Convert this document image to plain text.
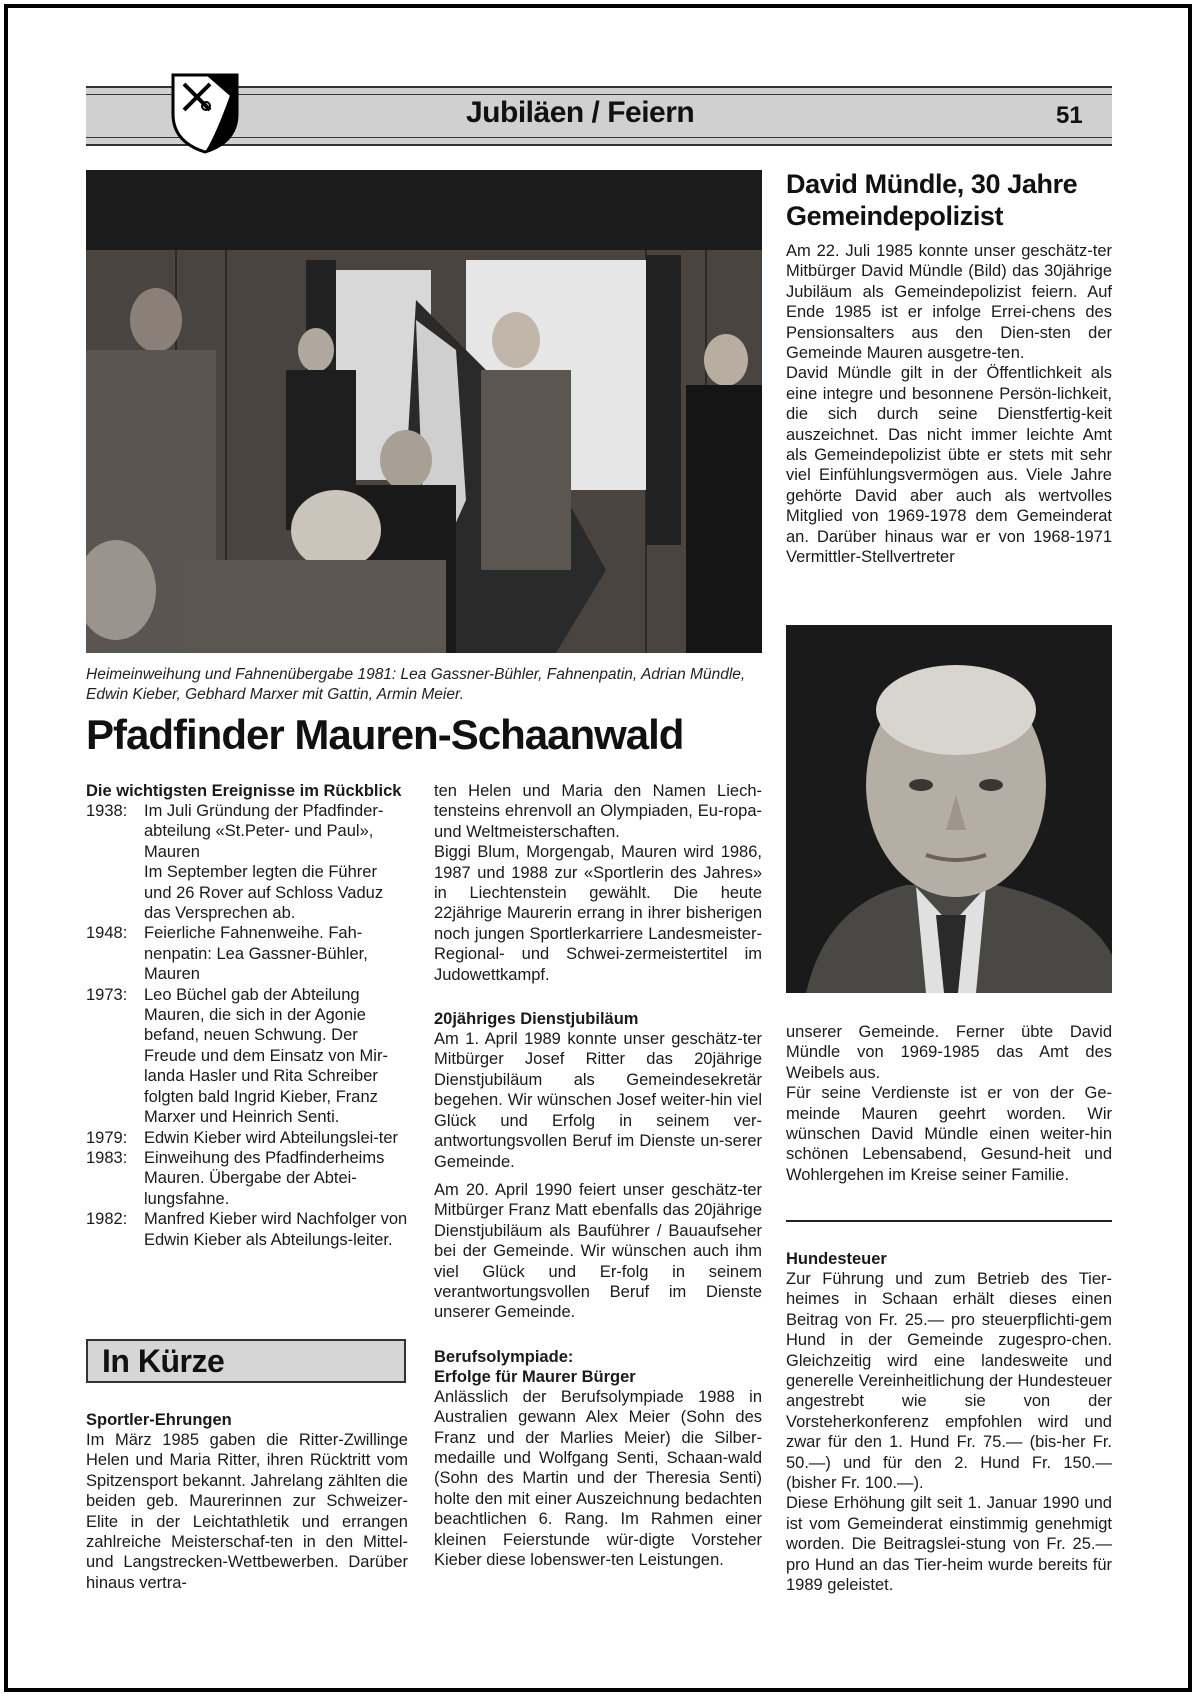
Jubiläen / Feiern	51
Heimeinweihung und Fahnenübergabe 1981: Lea Gassner-Bühler, Fahnenpatin, Adrian Mündle, Edwin Kieber, Gebhard Marxer mit Gattin, Armin Meier.
Pfadfinder Mauren-Schaanwald
Die wichtigsten Ereignisse im Rückblick
1938:	Im Juli Gründung der Pfadfinder-abteilung «St.Peter- und Paul», Mauren
Im September legten die Führer und 26 Rover auf Schloss Vaduz das Versprechen ab.
1948:	Feierliche Fahnenweihe. Fah-nenpatin: Lea Gassner-Bühler, Mauren
1973:	Leo Büchel gab der Abteilung Mauren, die sich in der Agonie befand, neuen Schwung. Der Freude und dem Einsatz von Mir-landa Hasler und Rita Schreiber folgten bald Ingrid Kieber, Franz Marxer und Heinrich Senti.
1979:	Edwin Kieber wird Abteilungslei-ter
1983:	Einweihung des Pfadfinderheims Mauren. Übergabe der Abtei-lungsfahne.
1982:	Manfred Kieber wird Nachfolger von Edwin Kieber als Abteilungs-leiter.
In Kürze
Sportler-Ehrungen

Im März 1985 gaben die Ritter-Zwillinge Helen und Maria Ritter, ihren Rücktritt vom Spitzensport bekannt. Jahrelang zählten die beiden geb. Maurerinnen zur Schweizer-Elite in der Leichtathletik und errangen zahlreiche Meisterschaf-ten in den Mittel- und Langstrecken-Wettbewerben. Darüber hinaus vertra-

ten Helen und Maria den Namen Liech-tensteins ehrenvoll an Olympiaden, Eu-ropa- und Weltmeisterschaften.

Biggi Blum, Morgengab, Mauren wird 1986, 1987 und 1988 zur «Sportlerin des Jahres» in Liechtenstein gewählt. Die heute 22jährige Maurerin errang in ihrer bisherigen noch jungen Sportlerkarriere Landesmeister-Regional- und Schwei-zermeistertitel im Judowettkampf.

20jähriges Dienstjubiläum

Am 1. April 1989 konnte unser geschätz-ter Mitbürger Josef Ritter das 20jährige Dienstjubiläum als Gemeindesekretär begehen. Wir wünschen Josef weiter-hin viel Glück und Erfolg in seinem ver-antwortungsvollen Beruf im Dienste un-serer Gemeinde.

Am 20. April 1990 feiert unser geschätz-ter Mitbürger Franz Matt ebenfalls das 20jährige Dienstjubiläum als Bauführer / Bauaufseher bei der Gemeinde. Wir wünschen auch ihm viel Glück und Er-folg in seinem verantwortungsvollen Beruf im Dienste unserer Gemeinde.

Berufsolympiade:
Erfolge für Maurer Bürger

Anlässlich der Berufsolympiade 1988 in Australien gewann Alex Meier (Sohn des Franz und der Marlies Meier) die Silber-medaille und Wolfgang Senti, Schaan-wald (Sohn des Martin und der Theresia Senti) holte den mit einer Auszeichnung bedachten beachtlichen 6. Rang. Im Rahmen einer kleinen Feierstunde wür-digte Vorsteher Kieber diese lobenswer-ten Leistungen.

David Mündle, 30 Jahre Gemeindepolizist

Am 22. Juli 1985 konnte unser geschätz-ter Mitbürger David Mündle (Bild) das 30jährige Jubiläum als Gemeindepolizist feiern. Auf Ende 1985 ist er infolge Errei-chens des Pensionsalters aus den Dien-sten der Gemeinde Mauren ausgetre-ten.

David Mündle gilt in der Öffentlichkeit als eine integre und besonnene Persön-lichkeit, die sich durch seine Dienstfertig-keit auszeichnet. Das nicht immer leichte Amt als Gemeindepolizist übte er stets mit sehr viel Einfühlungsvermögen aus. Viele Jahre gehörte David aber auch als wertvolles Mitglied von 1969-1978 dem Gemeinderat an. Darüber hinaus war er von 1968-1971 Vermittler-Stellvertreter

unserer Gemeinde. Ferner übte David Mündle von 1969-1985 das Amt des Weibels aus.

Für seine Verdienste ist er von der Ge-meinde Mauren geehrt worden. Wir wünschen David Mündle einen weiter-hin schönen Lebensabend, Gesund-heit und Wohlergehen im Kreise seiner Familie.

Hundesteuer

Zur Führung und zum Betrieb des Tier-heimes in Schaan erhält dieses einen Beitrag von Fr. 25.— pro steuerpflichti-gem Hund in der Gemeinde zugespro-chen. Gleichzeitig wird eine landesweite und generelle Vereinheitlichung der Hundesteuer angestrebt wie sie von der Vorsteherkonferenz empfohlen wird und zwar für den 1. Hund Fr. 75.— (bis-her Fr. 50.—) und für den 2. Hund Fr. 150.— (bisher Fr. 100.—).

Diese Erhöhung gilt seit 1. Januar 1990 und ist vom Gemeinderat einstimmig genehmigt worden. Die Beitragslei-stung von Fr. 25.— pro Hund an das Tier-heim wurde bereits für 1989 geleistet.
